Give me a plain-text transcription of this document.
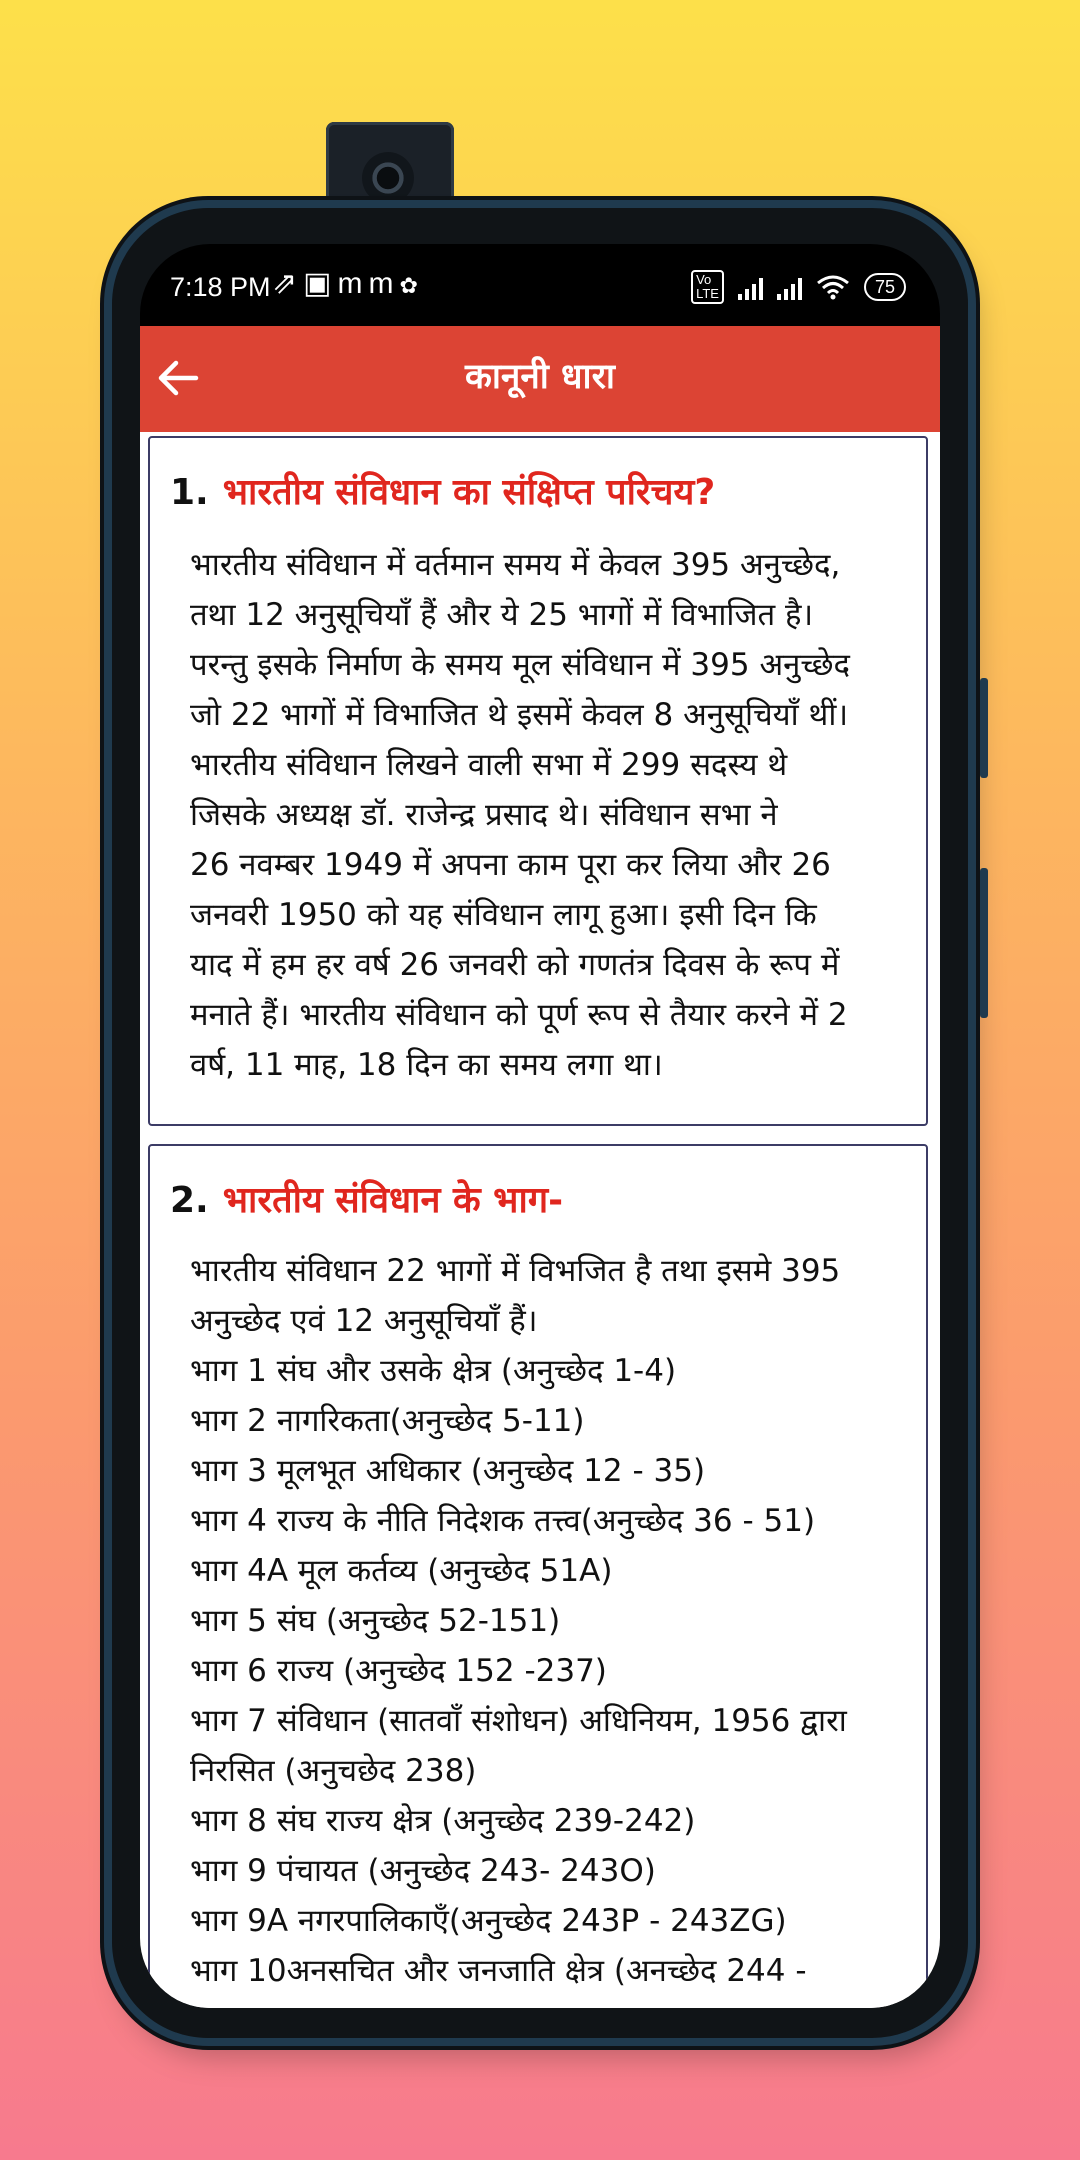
7:18 PM ⇗▣mm✿	Vo
LTE	75
कानूनी धारा
1. भारतीय संविधान का संक्षिप्त परिचय?
भारतीय संविधान में वर्तमान समय में केवल 395 अनुच्छेद,
तथा 12 अनुसूचियाँ हैं और ये 25 भागों में विभाजित है।
परन्तु इसके निर्माण के समय मूल संविधान में 395 अनुच्छेद
जो 22 भागों में विभाजित थे इसमें केवल 8 अनुसूचियाँ थीं।
भारतीय संविधान लिखने वाली सभा में 299 सदस्य थे
जिसके अध्यक्ष डॉ. राजेन्द्र प्रसाद थे। संविधान सभा ने
26 नवम्बर 1949 में अपना काम पूरा कर लिया और 26
जनवरी 1950 को यह संविधान लागू हुआ। इसी दिन कि
याद में हम हर वर्ष 26 जनवरी को गणतंत्र दिवस के रूप में
मनाते हैं। भारतीय संविधान को पूर्ण रूप से तैयार करने में 2
वर्ष, 11 माह, 18 दिन का समय लगा था।
2. भारतीय संविधान के भाग-
भारतीय संविधान 22 भागों में विभजित है तथा इसमे 395
अनुच्छेद एवं 12 अनुसूचियाँ हैं।
भाग 1 संघ और उसके क्षेत्र (अनुच्छेद 1-4)
भाग 2 नागरिकता(अनुच्छेद 5-11)
भाग 3 मूलभूत अधिकार (अनुच्छेद 12 - 35)
भाग 4 राज्य के नीति निदेशक तत्त्व(अनुच्छेद 36 - 51)
भाग 4A मूल कर्तव्य (अनुच्छेद 51A)
भाग 5 संघ (अनुच्छेद 52-151)
भाग 6 राज्य (अनुच्छेद 152 -237)
भाग 7 संविधान (सातवाँ संशोधन) अधिनियम, 1956 द्वारा
निरसित (अनुचछेद 238)
भाग 8 संघ राज्य क्षेत्र (अनुच्छेद 239-242)
भाग 9 पंचायत (अनुच्छेद 243- 243O)
भाग 9A नगरपालिकाएँ(अनुच्छेद 243P - 243ZG)
भाग 10अनसचित और जनजाति क्षेत्र (अनच्छेद 244 -
